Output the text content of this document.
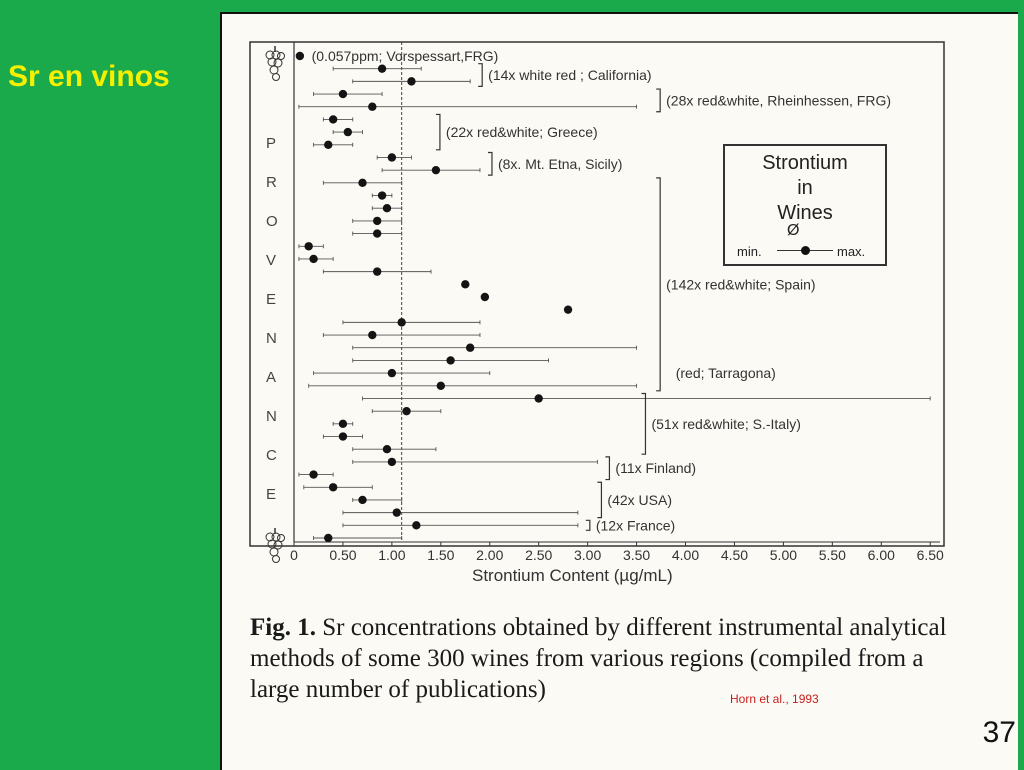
Sr en vinos
0 0.50 1.00 1.50 2.00 2.50 3.00 3.50 4.00 4.50 5.00 5.50 6.00 6.50
(0.057ppm; Vorspessart,FRG)
(14x white red ; California)
(28x red&white, Rheinhessen, FRG)
(22x red&white; Greece)
(8x. Mt. Etna, Sicily)
(142x red&white; Spain)
(red; Tarragona)
(51x red&white; S.-Italy)
(11x Finland)
(42x USA)
(12x France)
P
R
O
V
E
N
A
N
C
E
Strontium
in
Wines
Ø
min.	max.
Strontium Content (µg/mL)
Fig. 1. Sr concentrations obtained by different instrumental analytical methods of some 300 wines from various regions (compiled from a large number of publications)	Horn et al., 1993
37
